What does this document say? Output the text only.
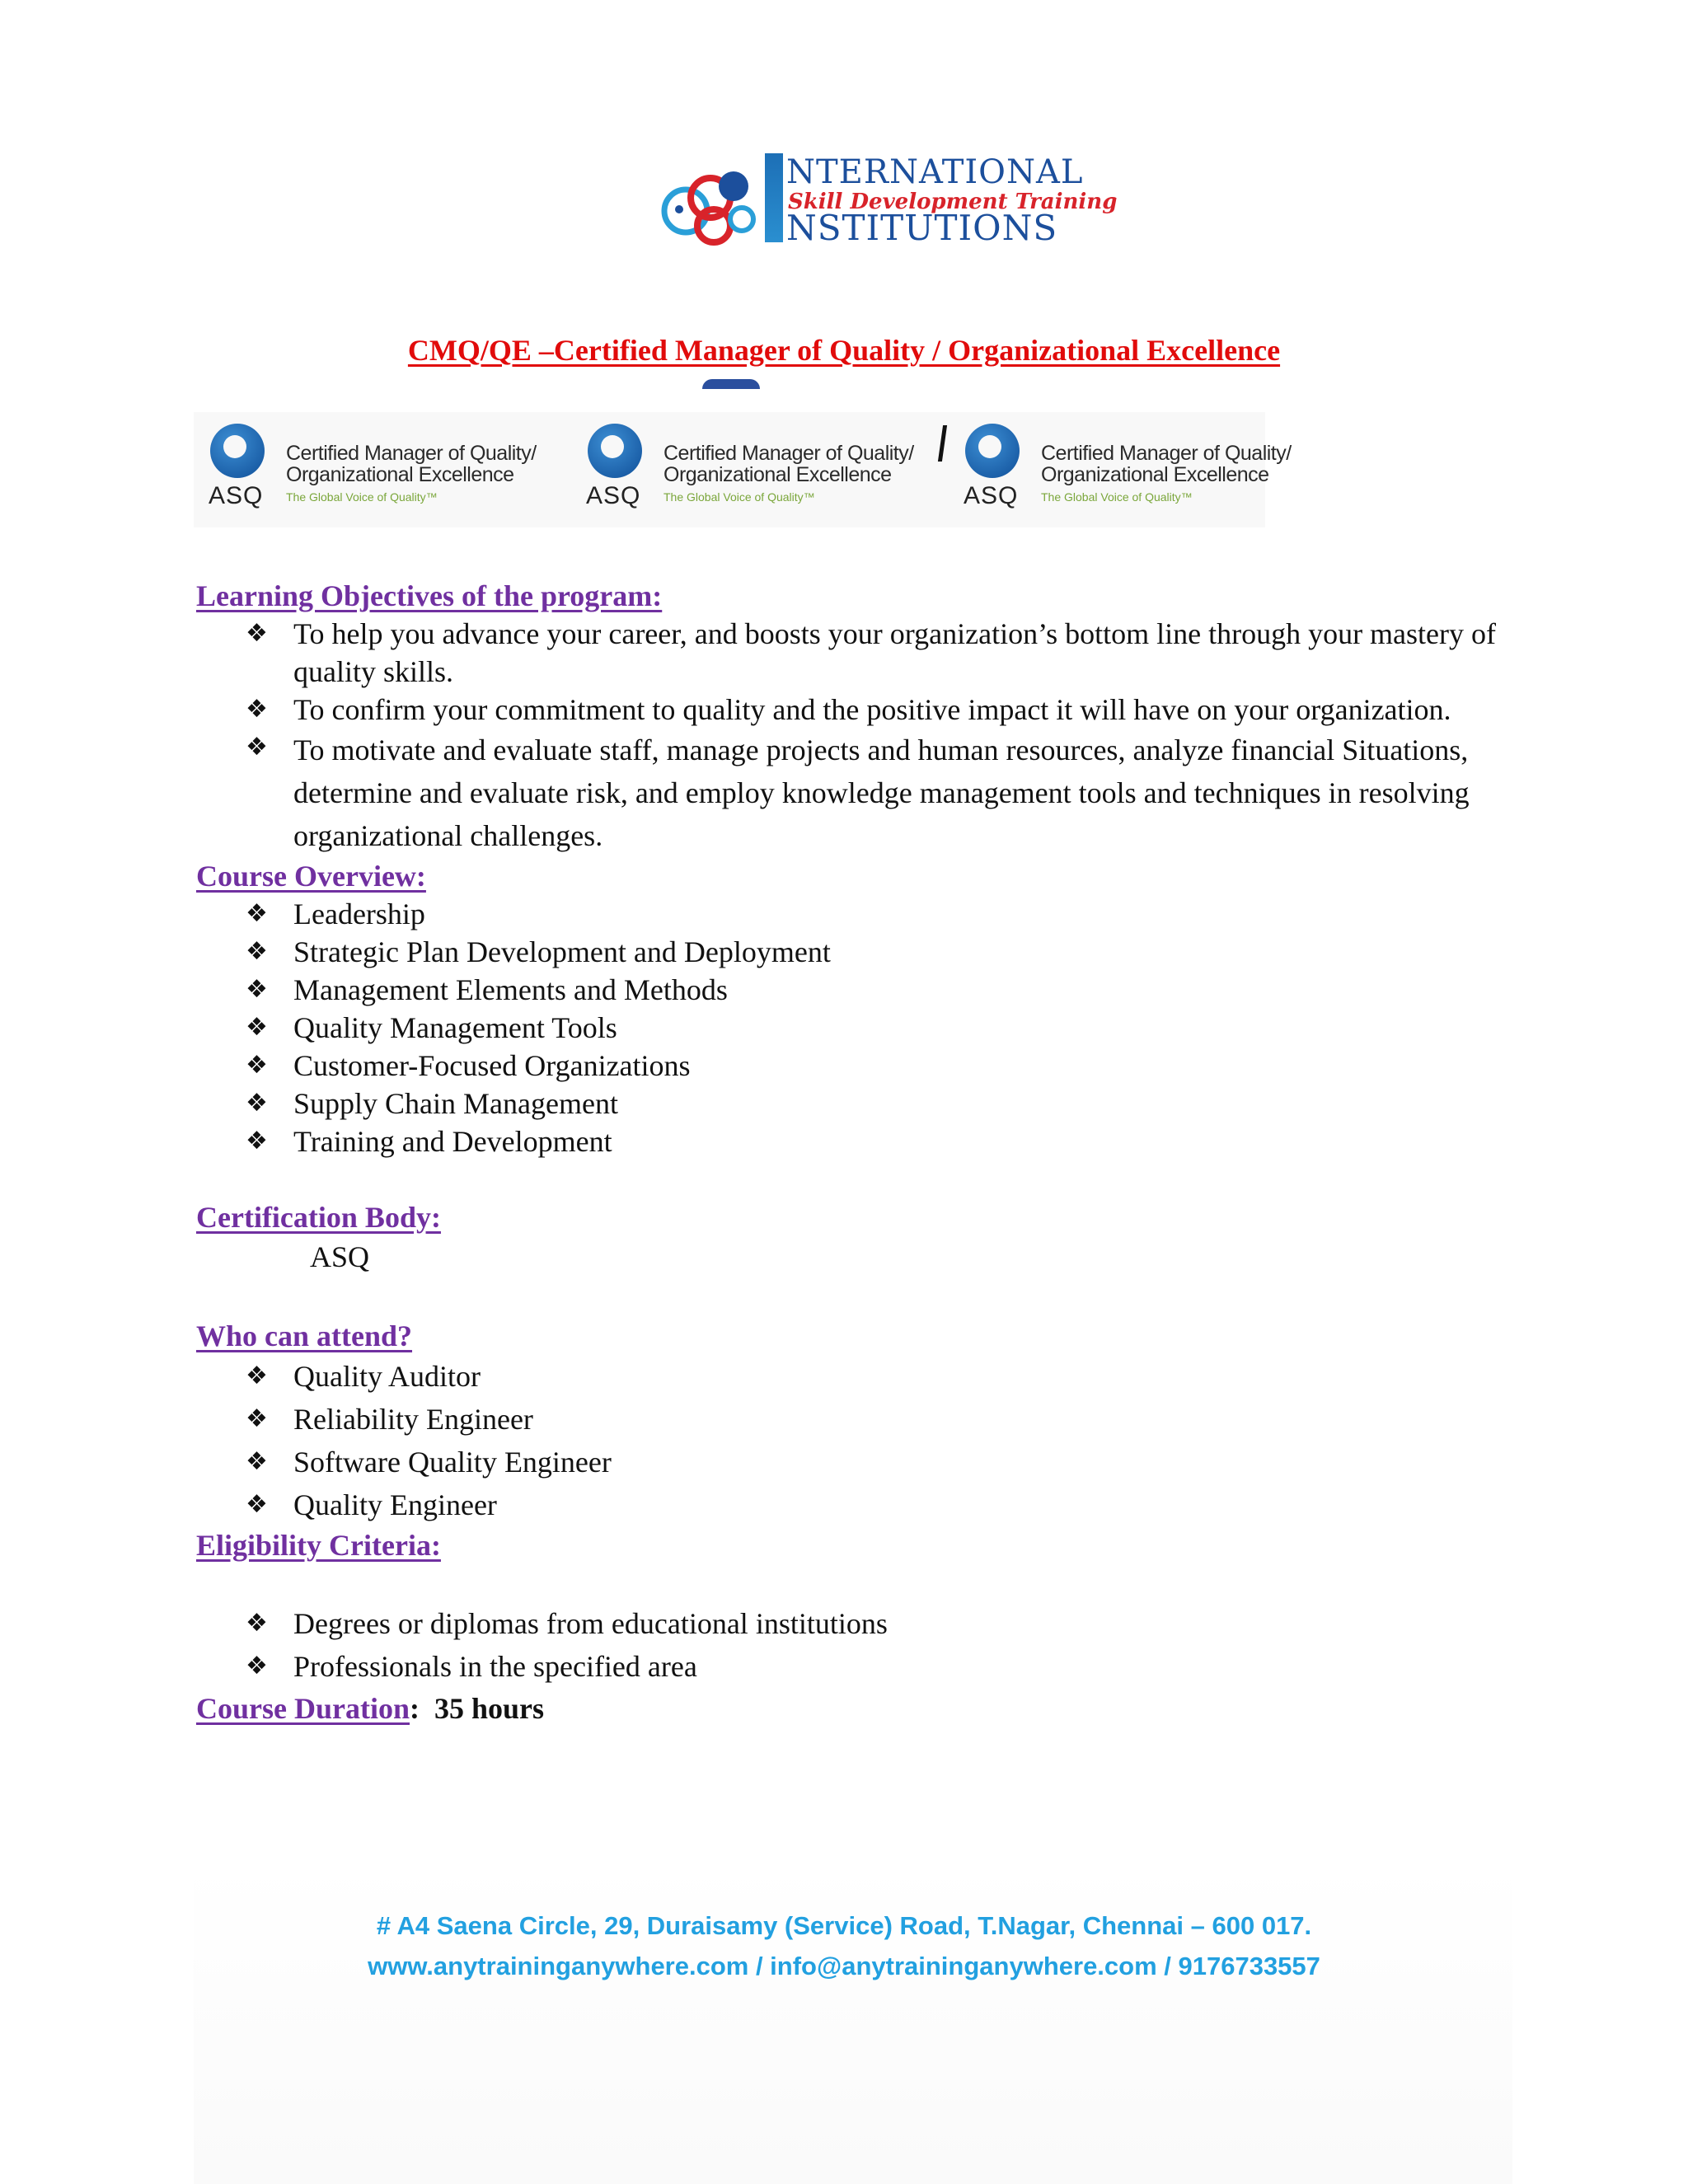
NTERNATIONAL
Skill Development Training
NSTITUTIONS
CMQ/QE –Certified Manager of Quality / Organizational Excellence
ASQ
Certified Manager of Quality/
Organizational Excellence
The Global Voice of Quality™	ASQ
Certified Manager of Quality/
Organizational Excellence
The Global Voice of Quality™	ASQ
Certified Manager of Quality/
Organizational Excellence
The Global Voice of Quality™
Learning Objectives of the program:
❖ To help you advance your career, and boosts your organization’s bottom line through your mastery of quality skills.
❖ To confirm your commitment to quality and the positive impact it will have on your organization.
❖ To motivate and evaluate staff, manage projects and human resources, analyze financial Situations, determine and evaluate risk, and employ knowledge management tools and techniques in resolving organizational challenges.
Course Overview:
❖ Leadership
❖ Strategic Plan Development and Deployment
❖ Management Elements and Methods
❖ Quality Management Tools
❖ Customer-Focused Organizations
❖ Supply Chain Management
❖ Training and Development
Certification Body:
ASQ
Who can attend?
❖ Quality Auditor
❖ Reliability Engineer
❖ Software Quality Engineer
❖ Quality Engineer
Eligibility Criteria:
❖ Degrees or diplomas from educational institutions
❖ Professionals in the specified area
Course Duration: 35 hours
# A4 Saena Circle, 29, Duraisamy (Service) Road, T.Nagar, Chennai – 600 017.
www.anytraininganywhere.com / info@anytraininganywhere.com / 9176733557
